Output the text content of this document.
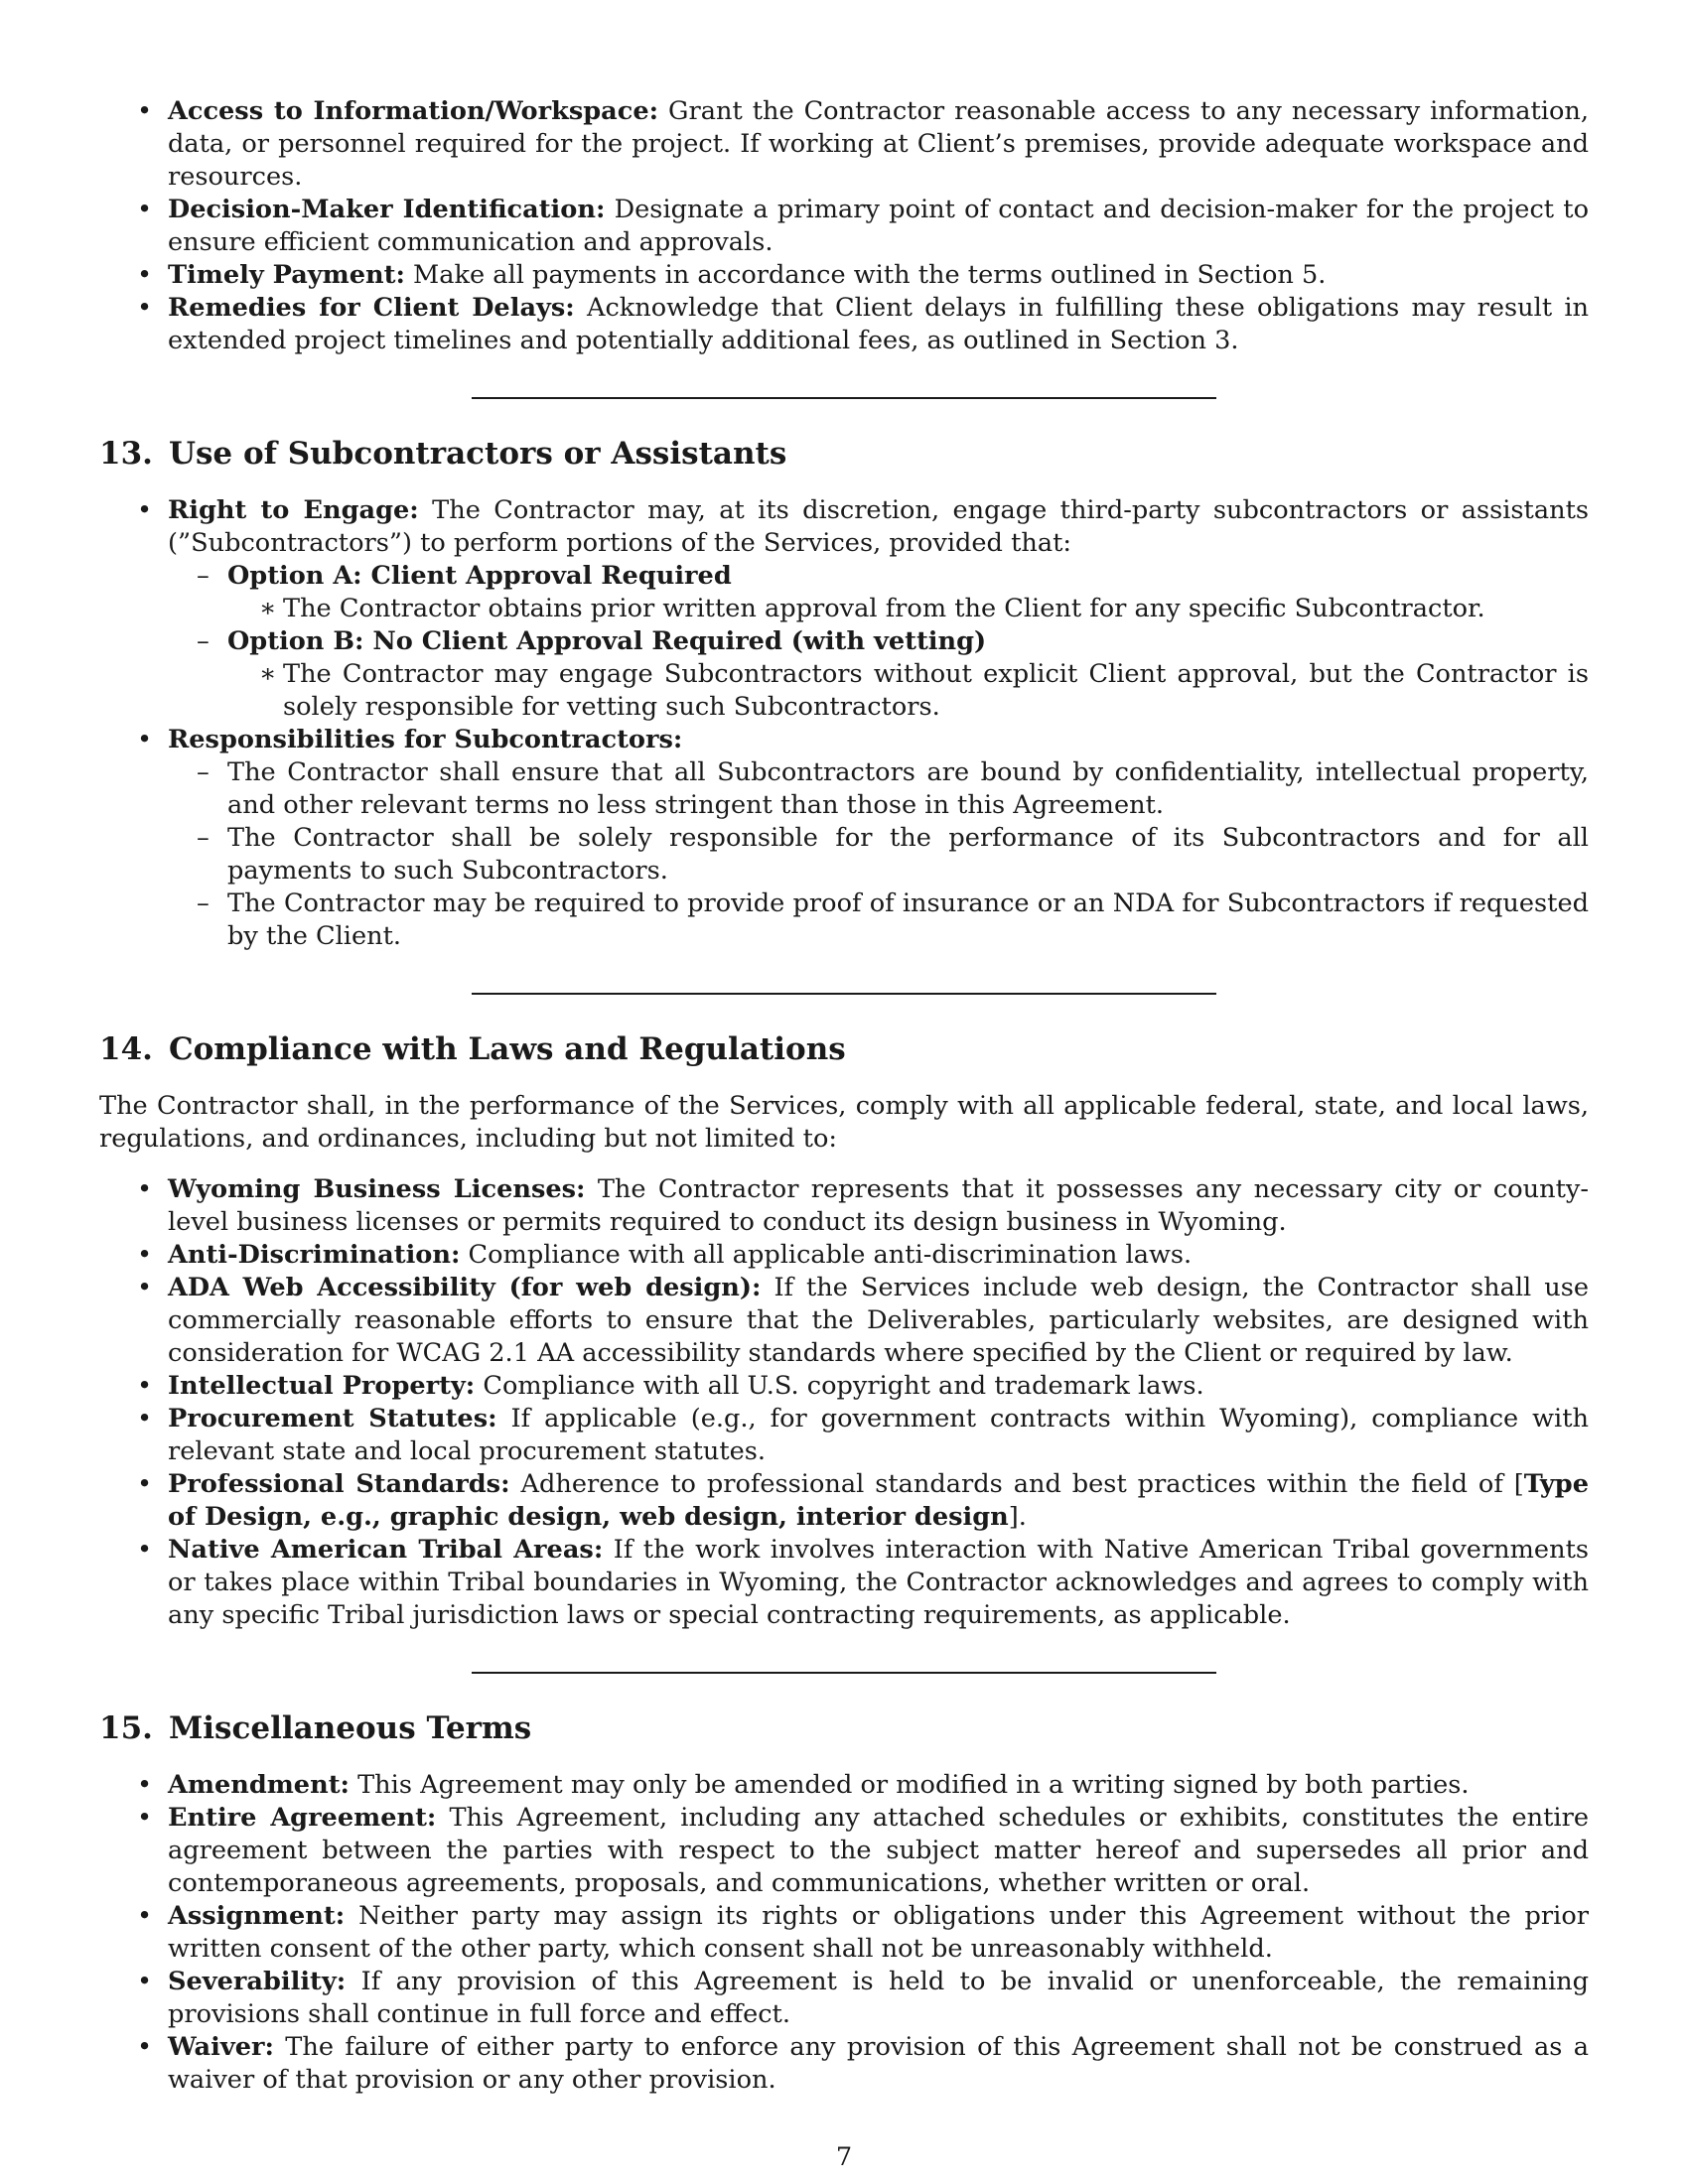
• Access to Information/Workspace: Grant the Contractor reasonable access to any necessary information, data, or personnel required for the project. If working at Client’s premises, provide adequate workspace and resources.
• Decision-Maker Identification: Designate a primary point of contact and decision-maker for the project to ensure efficient communication and approvals.
• Timely Payment: Make all payments in accordance with the terms outlined in Section 5.
• Remedies for Client Delays: Acknowledge that Client delays in fulfilling these obligations may result in extended project timelines and potentially additional fees, as outlined in Section 3.
13. Use of Subcontractors or Assistants
• Right to Engage: The Contractor may, at its discretion, engage third-party subcontractors or assistants (”Subcontractors”) to perform portions of the Services, provided that:
– Option A: Client Approval Required
∗ The Contractor obtains prior written approval from the Client for any specific Subcontractor.
– Option B: No Client Approval Required (with vetting)
∗ The Contractor may engage Subcontractors without explicit Client approval, but the Contractor is solely responsible for vetting such Subcontractors.
• Responsibilities for Subcontractors:
– The Contractor shall ensure that all Subcontractors are bound by confidentiality, intellectual property, and other relevant terms no less stringent than those in this Agreement.
– The Contractor shall be solely responsible for the performance of its Subcontractors and for all payments to such Subcontractors.
– The Contractor may be required to provide proof of insurance or an NDA for Subcontractors if requested by the Client.
14. Compliance with Laws and Regulations

The Contractor shall, in the performance of the Services, comply with all applicable federal, state, and local laws, regulations, and ordinances, including but not limited to:

• Wyoming Business Licenses: The Contractor represents that it possesses any necessary city or county-level business licenses or permits required to conduct its design business in Wyoming.
• Anti-Discrimination: Compliance with all applicable anti-discrimination laws.
• ADA Web Accessibility (for web design): If the Services include web design, the Contractor shall use commercially reasonable efforts to ensure that the Deliverables, particularly websites, are designed with consideration for WCAG 2.1 AA accessibility standards where specified by the Client or required by law.
• Intellectual Property: Compliance with all U.S. copyright and trademark laws.
• Procurement Statutes: If applicable (e.g., for government contracts within Wyoming), compliance with relevant state and local procurement statutes.
• Professional Standards: Adherence to professional standards and best practices within the field of [Type of Design, e.g., graphic design, web design, interior design].
• Native American Tribal Areas: If the work involves interaction with Native American Tribal governments or takes place within Tribal boundaries in Wyoming, the Contractor acknowledges and agrees to comply with any specific Tribal jurisdiction laws or special contracting requirements, as applicable.
15. Miscellaneous Terms
• Amendment: This Agreement may only be amended or modified in a writing signed by both parties.
• Entire Agreement: This Agreement, including any attached schedules or exhibits, constitutes the entire agreement between the parties with respect to the subject matter hereof and supersedes all prior and contemporaneous agreements, proposals, and communications, whether written or oral.
• Assignment: Neither party may assign its rights or obligations under this Agreement without the prior written consent of the other party, which consent shall not be unreasonably withheld.
• Severability: If any provision of this Agreement is held to be invalid or unenforceable, the remaining provisions shall continue in full force and effect.
• Waiver: The failure of either party to enforce any provision of this Agreement shall not be construed as a waiver of that provision or any other provision.
7
